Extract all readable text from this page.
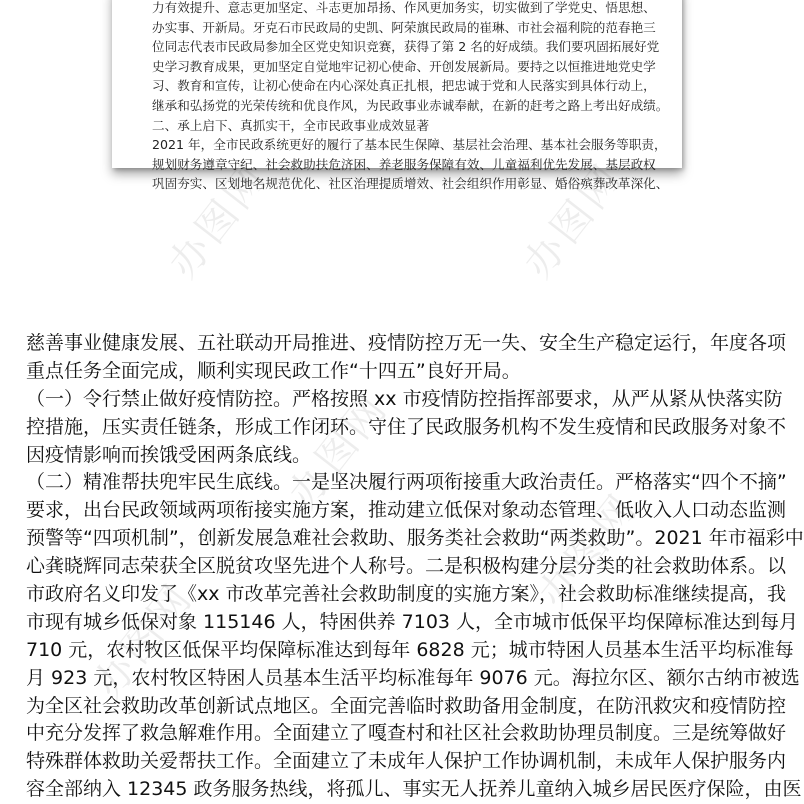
力有效提升、意志更加坚定、斗志更加昂扬、作风更加务实，切实做到了学党史、悟思想、
办实事、开新局。牙克石市民政局的史凯、阿荣旗民政局的崔琳、市社会福利院的范春艳三
位同志代表市民政局参加全区党史知识竞赛，获得了第 2 名的好成绩。我们要巩固拓展好党
史学习教育成果，更加坚定自觉地牢记初心使命、开创发展新局。要持之以恒推进地党史学
习、教育和宣传，让初心使命在内心深处真正扎根，把忠诚于党和人民落实到具体行动上，
继承和弘扬党的光荣传统和优良作风，为民政事业赤诚奉献，在新的赶考之路上考出好成绩。
二、承上启下、真抓实干，全市民政事业成效显著
2021 年，全市民政系统更好的履行了基本民生保障、基层社会治理、基本社会服务等职责，
规划财务遵章守纪、社会救助扶危济困、养老服务保障有效、儿童福利优先发展、基层政权
巩固夯实、区划地名规范优化、社区治理提质增效、社会组织作用彰显、婚俗殡葬改革深化、
办图网	办图网
办图网
办图网
办图网
慈善事业健康发展、五社联动开局推进、疫情防控万无一失、安全生产稳定运行，年度各项
重点任务全面完成，顺利实现民政工作“十四五”良好开局。
（一）令行禁止做好疫情防控。严格按照 xx 市疫情防控指挥部要求，从严从紧从快落实防
控措施，压实责任链条，形成工作闭环。守住了民政服务机构不发生疫情和民政服务对象不
因疫情影响而挨饿受困两条底线。
（二）精准帮扶兜牢民生底线。一是坚决履行两项衔接重大政治责任。严格落实“四个不摘”
要求，出台民政领域两项衔接实施方案，推动建立低保对象动态管理、低收入人口动态监测
预警等“四项机制”，创新发展急难社会救助、服务类社会救助“两类救助”。2021 年市福彩中
心龚晓辉同志荣获全区脱贫攻坚先进个人称号。二是积极构建分层分类的社会救助体系。以
市政府名义印发了《xx 市改革完善社会救助制度的实施方案》，社会救助标准继续提高，我
市现有城乡低保对象 115146 人，特困供养 7103 人，全市城市低保平均保障标准达到每月
710 元，农村牧区低保平均保障标准达到每年 6828 元；城市特困人员基本生活平均标准每
月 923 元，农村牧区特困人员基本生活平均标准每年 9076 元。海拉尔区、额尔古纳市被选
为全区社会救助改革创新试点地区。全面完善临时救助备用金制度，在防汛救灾和疫情防控
中充分发挥了救急解难作用。全面建立了嘎查村和社区社会救助协理员制度。三是统筹做好
特殊群体救助关爱帮扶工作。全面建立了未成年人保护工作协调机制，未成年人保护服务内
容全部纳入 12345 政务服务热线，将孤儿、事实无人抚养儿童纳入城乡居民医疗保险，由医
